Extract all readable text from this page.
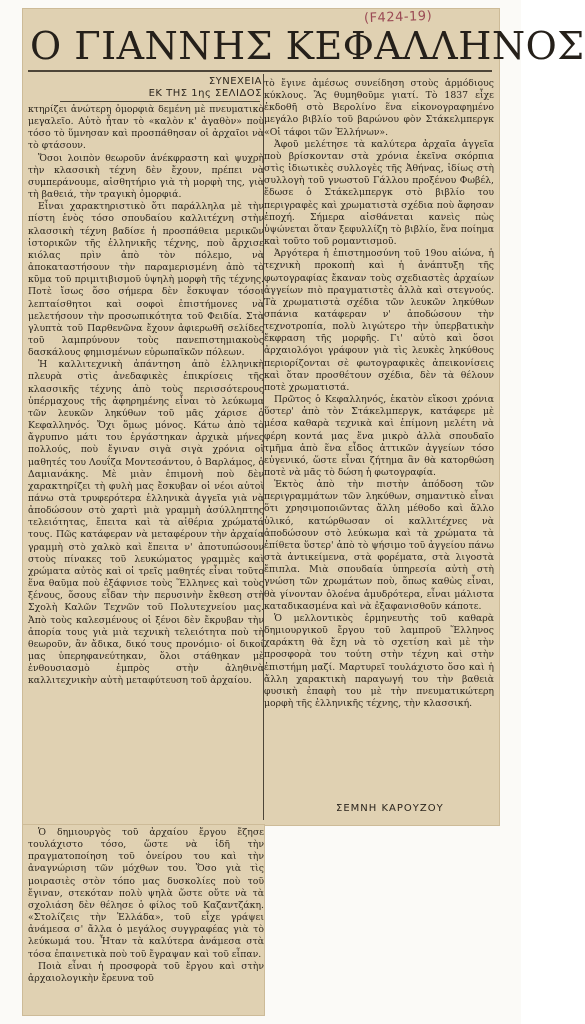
(F424-19)
Ο ΓΙΑΝΝΗΣ ΚΕΦΑΛΛΗΝΟΣ
ΣΥΝΕΧΕΙΑ
ΕΚ ΤΗΣ 1ης ΣΕΛΙΔΟΣ

κτηρίζει ἀνώτερη ὀμορφιὰ δεμένη μὲ πνευματικὸ μεγαλεῖο. Αὐτὸ ἦταν τὸ «καλὸν κ' ἀγαθὸν» ποὺ τόσο τὸ ὕμνησαν καὶ προσπάθησαν οἱ ἀρχαῖοι νὰ τὸ φτάσουν.

Ὅσοι λοιπὸν θεωροῦν ἀνέκφραστη καὶ ψυχρὴ τὴν κλασσικὴ τέχνη δὲν ἔχουν, πρέπει νὰ συμπεράνουμε, αἰσθητήριο γιὰ τὴ μορφὴ της, γιὰ τὴ βαθειά, τὴν τραγικὴ ὀμορφιά.

Εἶναι χαρακτηριστικὸ ὅτι παράλληλα μὲ τὴν πίστη ἑνὸς τόσο σπουδαίου καλλιτέχνη στὴν κλασσικὴ τέχνη βαδίσε ἡ προσπάθεια μερικῶν ἱστορικῶν τῆς ἑλληνικῆς τέχνης, ποὺ ἄρχισε κιόλας πρὶν ἀπὸ τὸν πόλεμο, νὰ ἀποκαταστήσουν τὴν παραμερισμένη ἀπὸ τὸ κῦμα τοῦ πριμιτιβισμοῦ ὑψηλὴ μορφὴ τῆς τέχνης. Ποτὲ ἴσως ὅσο σήμερα δὲν ἔσκυψαν τόσοι λεπταίσθητοι καὶ σοφοὶ ἐπιστήμονες νὰ μελετήσουν τὴν προσωπικότητα τοῦ Φειδία. Στὰ γλυπτὰ τοῦ Παρθενῶνα ἔχουν ἀφιερωθῆ σελίδες τοῦ λαμπρύνουν τοὺς πανεπιστημιακοὺς δασκάλους φημισμένων εὐρωπαϊκῶν πόλεων.

Ἡ καλλιτεχνικὴ ἀπάντηση ἀπὸ ἑλληνικὴ πλευρὰ στὶς ἀνεδαφικὲς ἐπικρίσεις τῆς κλασσικῆς τέχνης ἀπὸ τοὺς περισσότερους ὑπέρμαχους τῆς ἀφηρημένης εἶναι τὸ λεύκωμα τῶν λευκῶν ληκύθων τοῦ μᾶς χάρισε ὁ Κεφαλληνός. Ὄχι ὅμως μόνος. Κάτω ἀπὸ τὸ ἄγρυπνο μάτι του ἐργάστηκαν ἀρχικὰ μήνες πολλούς, ποὺ ἔγιναν σιγὰ σιγὰ χρόνια οἱ μαθητές του Λουΐζα Μοντεσάντου, ὁ Βαρλάμος, ὁ Δαμιανάκης. Μὲ μιὰν ἐπιμονὴ ποὺ δὲν χαρακτηρίζει τὴ φυλὴ μας ἔσκυβαν οἱ νέοι αὐτοὶ πάνω στὰ τρυφερότερα ἑλληνικὰ ἀγγεῖα γιὰ νὰ ἀποδώσουν στὸ χαρτὶ μιὰ γραμμὴ ἀσύλληπτης τελειότητας, ἔπειτα καὶ τὰ αἰθέρια χρώματά τους. Πῶς κατάφεραν νὰ μεταφέρουν τὴν ἀρχαία γραμμὴ στὸ χαλκὸ καὶ ἔπειτα ν' ἀποτυπώσουν στοὺς πίνακες τοῦ λευκώματος γραμμὲς καὶ χρώματα αὐτὸς καὶ οἱ τρεῖς μαθητές εἶναι τοῦτο ἕνα θαῦμα ποὺ ἐξάφνισε τοὺς Ἕλληνες καὶ τοὺς ξένους, ὅσους εἶδαν τὴν περυσινὴν ἔκθεση στὴ Σχολὴ Καλῶν Τεχνῶν τοῦ Πολυτεχνείου μας. Ἀπὸ τοὺς καλεσμένους οἱ ξένοι δὲν ἔκρυβαν τὴν ἀπορία τους γιὰ μιὰ τεχνικὴ τελειότητα ποὺ τὴ θεωροῦν, ἂν ἄδικα, δικό τους προνόμιο· οἱ δικοί μας ὑπερηφανεύτηκαν, ὅλοι στάθηκαν μὲ ἐνθουσιασμὸ ἐμπρὸς στὴν ἀληθινὰ καλλιτεχνικὴν αὐτὴ μεταφύτευση τοῦ ἀρχαίου.

τὸ ἔγινε ἀμέσως συνείδηση στοὺς ἁρμόδιους κύκλους. Ἂς θυμηθοῦμε γιατί. Τὸ 1837 εἶχε ἐκδοθῆ στὸ Βερολίνο ἕνα εἰκονογραφημένο μεγάλο βιβλίο τοῦ βαρώνου φὸν Στάκελμπεργκ «Οἱ τάφοι τῶν Ἑλλήνων».

Ἀφοῦ μελέτησε τὰ καλύτερα ἀρχαῖα ἀγγεῖα ποὺ βρίσκονταν στὰ χρόνια ἐκεῖνα σκόρπια στὶς ἰδιωτικὲς συλλογὲς τῆς Ἀθήνας, ἰδίως στὴ συλλογὴ τοῦ γνωστοῦ Γάλλου προξένου Φωβέλ, ἔδωσε ὁ Στάκελμπεργκ στὸ βιβλίο του περιγραφὲς καὶ χρωματιστὰ σχέδια ποὺ ἄφησαν ἐποχή. Σήμερα αἰσθάνεται κανεὶς πὼς ὑψώνεται ὅταν ξεφυλλίζη τὸ βιβλίο, ἕνα ποίημα καὶ τοῦτο τοῦ ρομαντισμοῦ.

Ἀργότερα ἡ ἐπιστημοσύνη τοῦ 19ου αἰώνα, ἡ τεχνικὴ προκοπὴ καὶ ἡ ἀνάπτυξη τῆς φωτογραφίας ἔκαναν τοὺς σχεδιαστὲς ἀρχαίων ἀγγείων πιὸ πραγματιστὲς ἀλλὰ καὶ στεγνούς. Τὰ χρωματιστὰ σχέδια τῶν λευκῶν ληκύθων σπάνια κατάφεραν ν' ἀποδώσουν τὴν τεχνοτροπία, πολὺ λιγώτερο τὴν ὑπερβατικὴν ἔκφραση τῆς μορφῆς. Γι' αὐτὸ καὶ ὅσοι ἀρχαιολόγοι γράφουν γιὰ τὶς λευκὲς ληκύθους περιορίζονται σὲ φωτογραφικὲς ἀπεικονίσεις καὶ ὅταν προσθέτουν σχέδια, δὲν τὰ θέλουν ποτὲ χρωματιστά.

Πρῶτος ὁ Κεφαλληνός, ἑκατὸν εἴκοσι χρόνια ὕστερ' ἀπὸ τὸν Στάκελμπεργκ, κατάφερε μὲ μέσα καθαρὰ τεχνικὰ καὶ ἐπίμονη μελέτη νὰ φέρη κοντά μας ἕνα μικρὸ ἀλλὰ σπουδαῖο τμῆμα ἀπὸ ἕνα εἶδος ἀττικῶν ἀγγείων τόσο εὐγενικό, ὥστε εἶναι ζήτημα ἂν θὰ κατορθώση ποτὲ νὰ μᾶς τὸ δώση ἡ φωτογραφία.

Ἐκτὸς ἀπὸ τὴν πιστὴν ἀπόδοση τῶν περιγραμμάτων τῶν ληκύθων, σημαντικὸ εἶναι ὅτι χρησιμοποιῶντας ἄλλη μέθοδο καὶ ἄλλο ὑλικό, κατώρθωσαν οἱ καλλιτέχνες νὰ ἀποδώσουν στὸ λεύκωμα καὶ τὰ χρώματα τὰ ἐπίθετα ὕστερ' ἀπὸ τὸ ψήσιμο τοῦ ἀγγείου πάνω στὰ ἀντικείμενα, στὰ φορέματα, στὰ λιγοστὰ ἔπιπλα. Μιὰ σπουδαία ὑπηρεσία αὐτὴ στὴ γνώση τῶν χρωμάτων ποὺ, ὅπως καθὼς εἶναι, θὰ γίνονταν ὁλοένα ἀμυδρότερα, εἶναι μάλιστα καταδικασμένα καὶ νὰ ἐξαφανισθοῦν κάποτε.

Ὁ μελλοντικὸς ἑρμηνευτὴς τοῦ καθαρὰ δημιουργικοῦ ἔργου τοῦ λαμπροῦ Ἕλληνος χαράκτη θὰ ἔχη νὰ τὸ σχετίση καὶ μὲ τὴν προσφορὰ του τούτη στὴν τέχνη καὶ στὴν ἐπιστήμη μαζί. Μαρτυρεῖ τουλάχιστο ὅσο καὶ ἡ ἄλλη χαρακτικὴ παραγωγή του τὴν βαθειὰ φυσικὴ ἐπαφὴ του μὲ τὴν πνευματικώτερη μορφὴ τῆς ἑλληνικῆς τέχνης, τὴν κλασσική.

ΣΕΜΝΗ ΚΑΡΟΥΖΟΥ

Ὁ δημιουργὸς τοῦ ἀρχαίου ἔργου ἔζησε τουλάχιστο τόσο, ὥστε νὰ ἰδῆ τὴν πραγματοποίηση τοῦ ὀνείρου του καὶ τὴν ἀναγνώριση τῶν μόχθων του. Ὅσο γιὰ τὶς μοιρασιὲς στὸν τόπο μας δυσκολίες ποὺ τοῦ ἔγιναν, στεκόταν πολὺ ψηλὰ ὥστε οὔτε νὰ τὰ σχολιάση δὲν θέλησε ὁ φίλος τοῦ Καζαντζάκη. «Στολίζεις τὴν Ἑλλάδα», τοῦ εἶχε γράψει ἀνάμεσα σ' ἄλλα ὁ μεγάλος συγγραφέας γιὰ τὸ λεύκωμά του. Ἦταν τὰ καλύτερα ἀνάμεσα στὰ τόσα ἐπαινετικὰ ποὺ τοῦ ἔγραψαν καὶ τοῦ εἶπαν.

Ποιὰ εἶναι ἡ προσφορὰ τοῦ ἔργου καὶ στὴν ἀρχαιολογικὴν ἔρευνα τοῦ
